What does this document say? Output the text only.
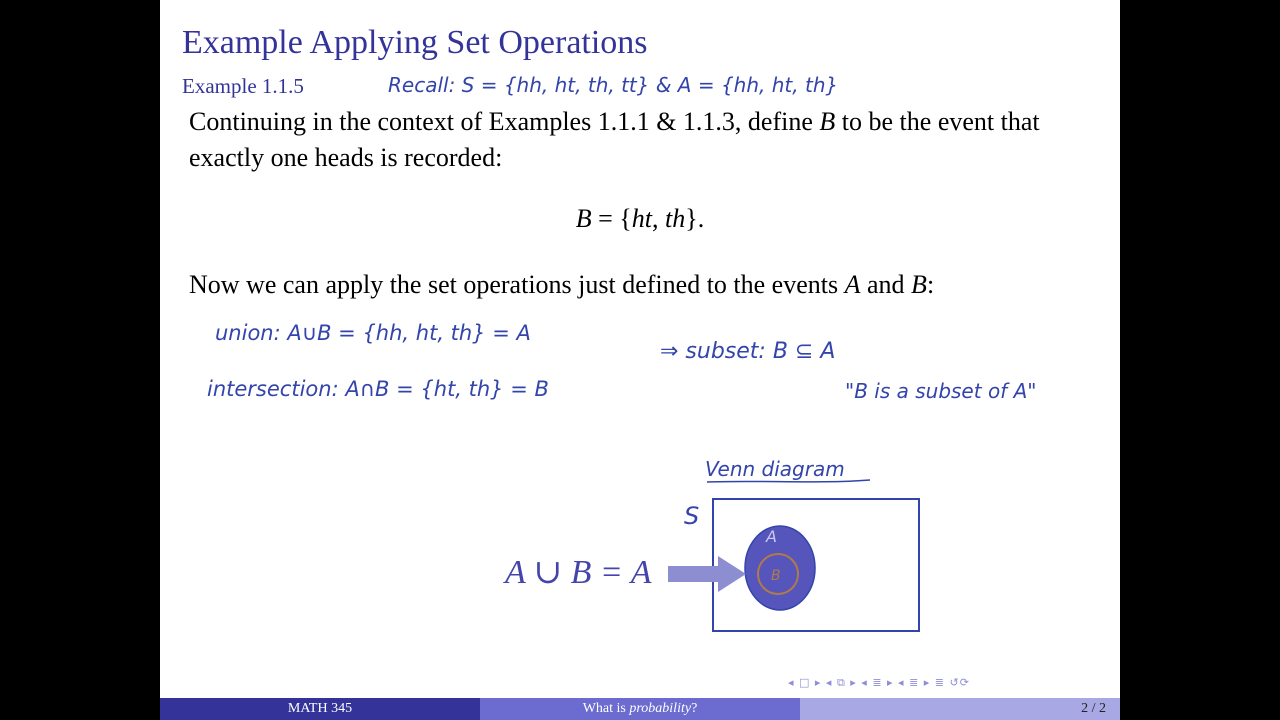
Example Applying Set Operations
Example 1.1.5
Continuing in the context of Examples 1.1.1 & 1.1.3, define B to be the event that exactly one heads is recorded:
B = {ht, th}.
Now we can apply the set operations just defined to the events A and B:
Recall: S = {hh, ht, th, tt} & A = {hh, ht, th}
union: A∪B = {hh, ht, th} = A
intersection: A∩B = {ht, th} = B
⇒ subset: B ⊆ A
"B is a subset of A"
Venn diagram
S
A
B
A ∪ B = A
◂ □ ▸ ◂ ⧉ ▸ ◂ ≣ ▸ ◂ ≣ ▸ ≣ ↺⟳
MATH 345	What is probability?	2 / 2
